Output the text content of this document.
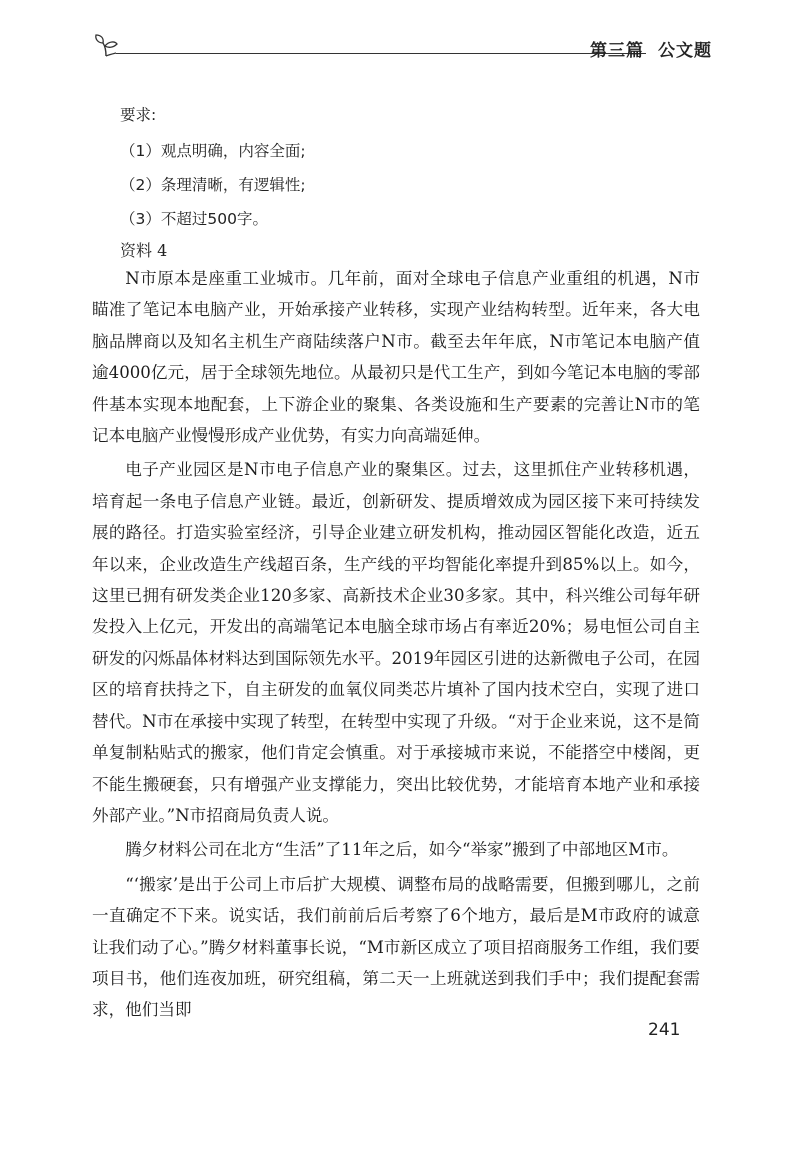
第三篇 公文题
要求:
（1）观点明确，内容全面;
（2）条理清晰，有逻辑性;
（3）不超过500字。
资料 4

N市原本是座重工业城市。几年前，面对全球电子信息产业重组的机遇，N市瞄准了笔记本电脑产业，开始承接产业转移，实现产业结构转型。近年来，各大电脑品牌商以及知名主机生产商陆续落户N市。截至去年年底，N市笔记本电脑产值逾4000亿元，居于全球领先地位。从最初只是代工生产，到如今笔记本电脑的零部件基本实现本地配套，上下游企业的聚集、各类设施和生产要素的完善让N市的笔记本电脑产业慢慢形成产业优势，有实力向高端延伸。

电子产业园区是N市电子信息产业的聚集区。过去，这里抓住产业转移机遇，培育起一条电子信息产业链。最近，创新研发、提质增效成为园区接下来可持续发展的路径。打造实验室经济，引导企业建立研发机构，推动园区智能化改造，近五年以来，企业改造生产线超百条，生产线的平均智能化率提升到85%以上。如今，这里已拥有研发类企业120多家、高新技术企业30多家。其中，科兴维公司每年研发投入上亿元，开发出的高端笔记本电脑全球市场占有率近20%；易电恒公司自主研发的闪烁晶体材料达到国际领先水平。2019年园区引进的达新微电子公司，在园区的培育扶持之下，自主研发的血氧仪同类芯片填补了国内技术空白，实现了进口替代。N市在承接中实现了转型，在转型中实现了升级。“对于企业来说，这不是简单复制粘贴式的搬家，他们肯定会慎重。对于承接城市来说，不能搭空中楼阁，更不能生搬硬套，只有增强产业支撑能力，突出比较优势，才能培育本地产业和承接外部产业。”N市招商局负责人说。

腾夕材料公司在北方“生活”了11年之后，如今“举家”搬到了中部地区M市。

“‘搬家’是出于公司上市后扩大规模、调整布局的战略需要，但搬到哪儿，之前一直确定不下来。说实话，我们前前后后考察了6个地方，最后是M市政府的诚意让我们动了心。”腾夕材料董事长说，“M市新区成立了项目招商服务工作组，我们要项目书，他们连夜加班，研究组稿，第二天一上班就送到我们手中；我们提配套需求，他们当即

241
